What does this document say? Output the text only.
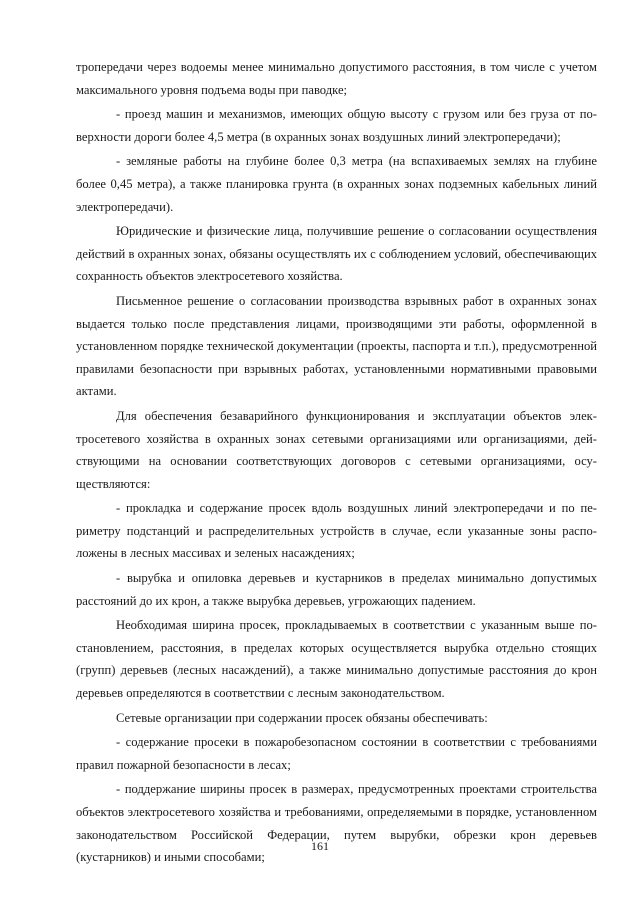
тропередачи через водоемы менее минимально допустимого расстояния, в том числе с учетом максимального уровня подъема воды при паводке;

- проезд машин и механизмов, имеющих общую высоту с грузом или без груза от поверхности дороги более 4,5 метра (в охранных зонах воздушных линий электропередачи);

- земляные работы на глубине более 0,3 метра (на вспахиваемых землях на глубине более 0,45 метра), а также планировка грунта (в охранных зонах подземных кабельных линий электропередачи).

Юридические и физические лица, получившие решение о согласовании осуществления действий в охранных зонах, обязаны осуществлять их с соблюдением условий, обеспечивающих сохранность объектов электросетевого хозяйства.

Письменное решение о согласовании производства взрывных работ в охранных зонах выдается только после представления лицами, производящими эти работы, оформленной в установленном порядке технической документации (проекты, паспорта и т.п.), предусмотренной правилами безопасности при взрывных работах, установленными нормативными правовыми актами.

Для обеспечения безаварийного функционирования и эксплуатации объектов электросетевого хозяйства в охранных зонах сетевыми организациями или организациями, действующими на основании соответствующих договоров с сетевыми организациями, осуществляются:

- прокладка и содержание просек вдоль воздушных линий электропередачи и по периметру подстанций и распределительных устройств в случае, если указанные зоны расположены в лесных массивах и зеленых насаждениях;

- вырубка и опиловка деревьев и кустарников в пределах минимально допустимых расстояний до их крон, а также вырубка деревьев, угрожающих падением.

Необходимая ширина просек, прокладываемых в соответствии с указанным выше постановлением, расстояния, в пределах которых осуществляется вырубка отдельно стоящих (групп) деревьев (лесных насаждений), а также минимально допустимые расстояния до крон деревьев определяются в соответствии с лесным законодательством.

Сетевые организации при содержании просек обязаны обеспечивать:

- содержание просеки в пожаробезопасном состоянии в соответствии с требованиями правил пожарной безопасности в лесах;

- поддержание ширины просек в размерах, предусмотренных проектами строительства объектов электросетевого хозяйства и требованиями, определяемыми в порядке, установленном законодательством Российской Федерации, путем вырубки, обрезки крон деревьев (кустарников) и иными способами;

161
